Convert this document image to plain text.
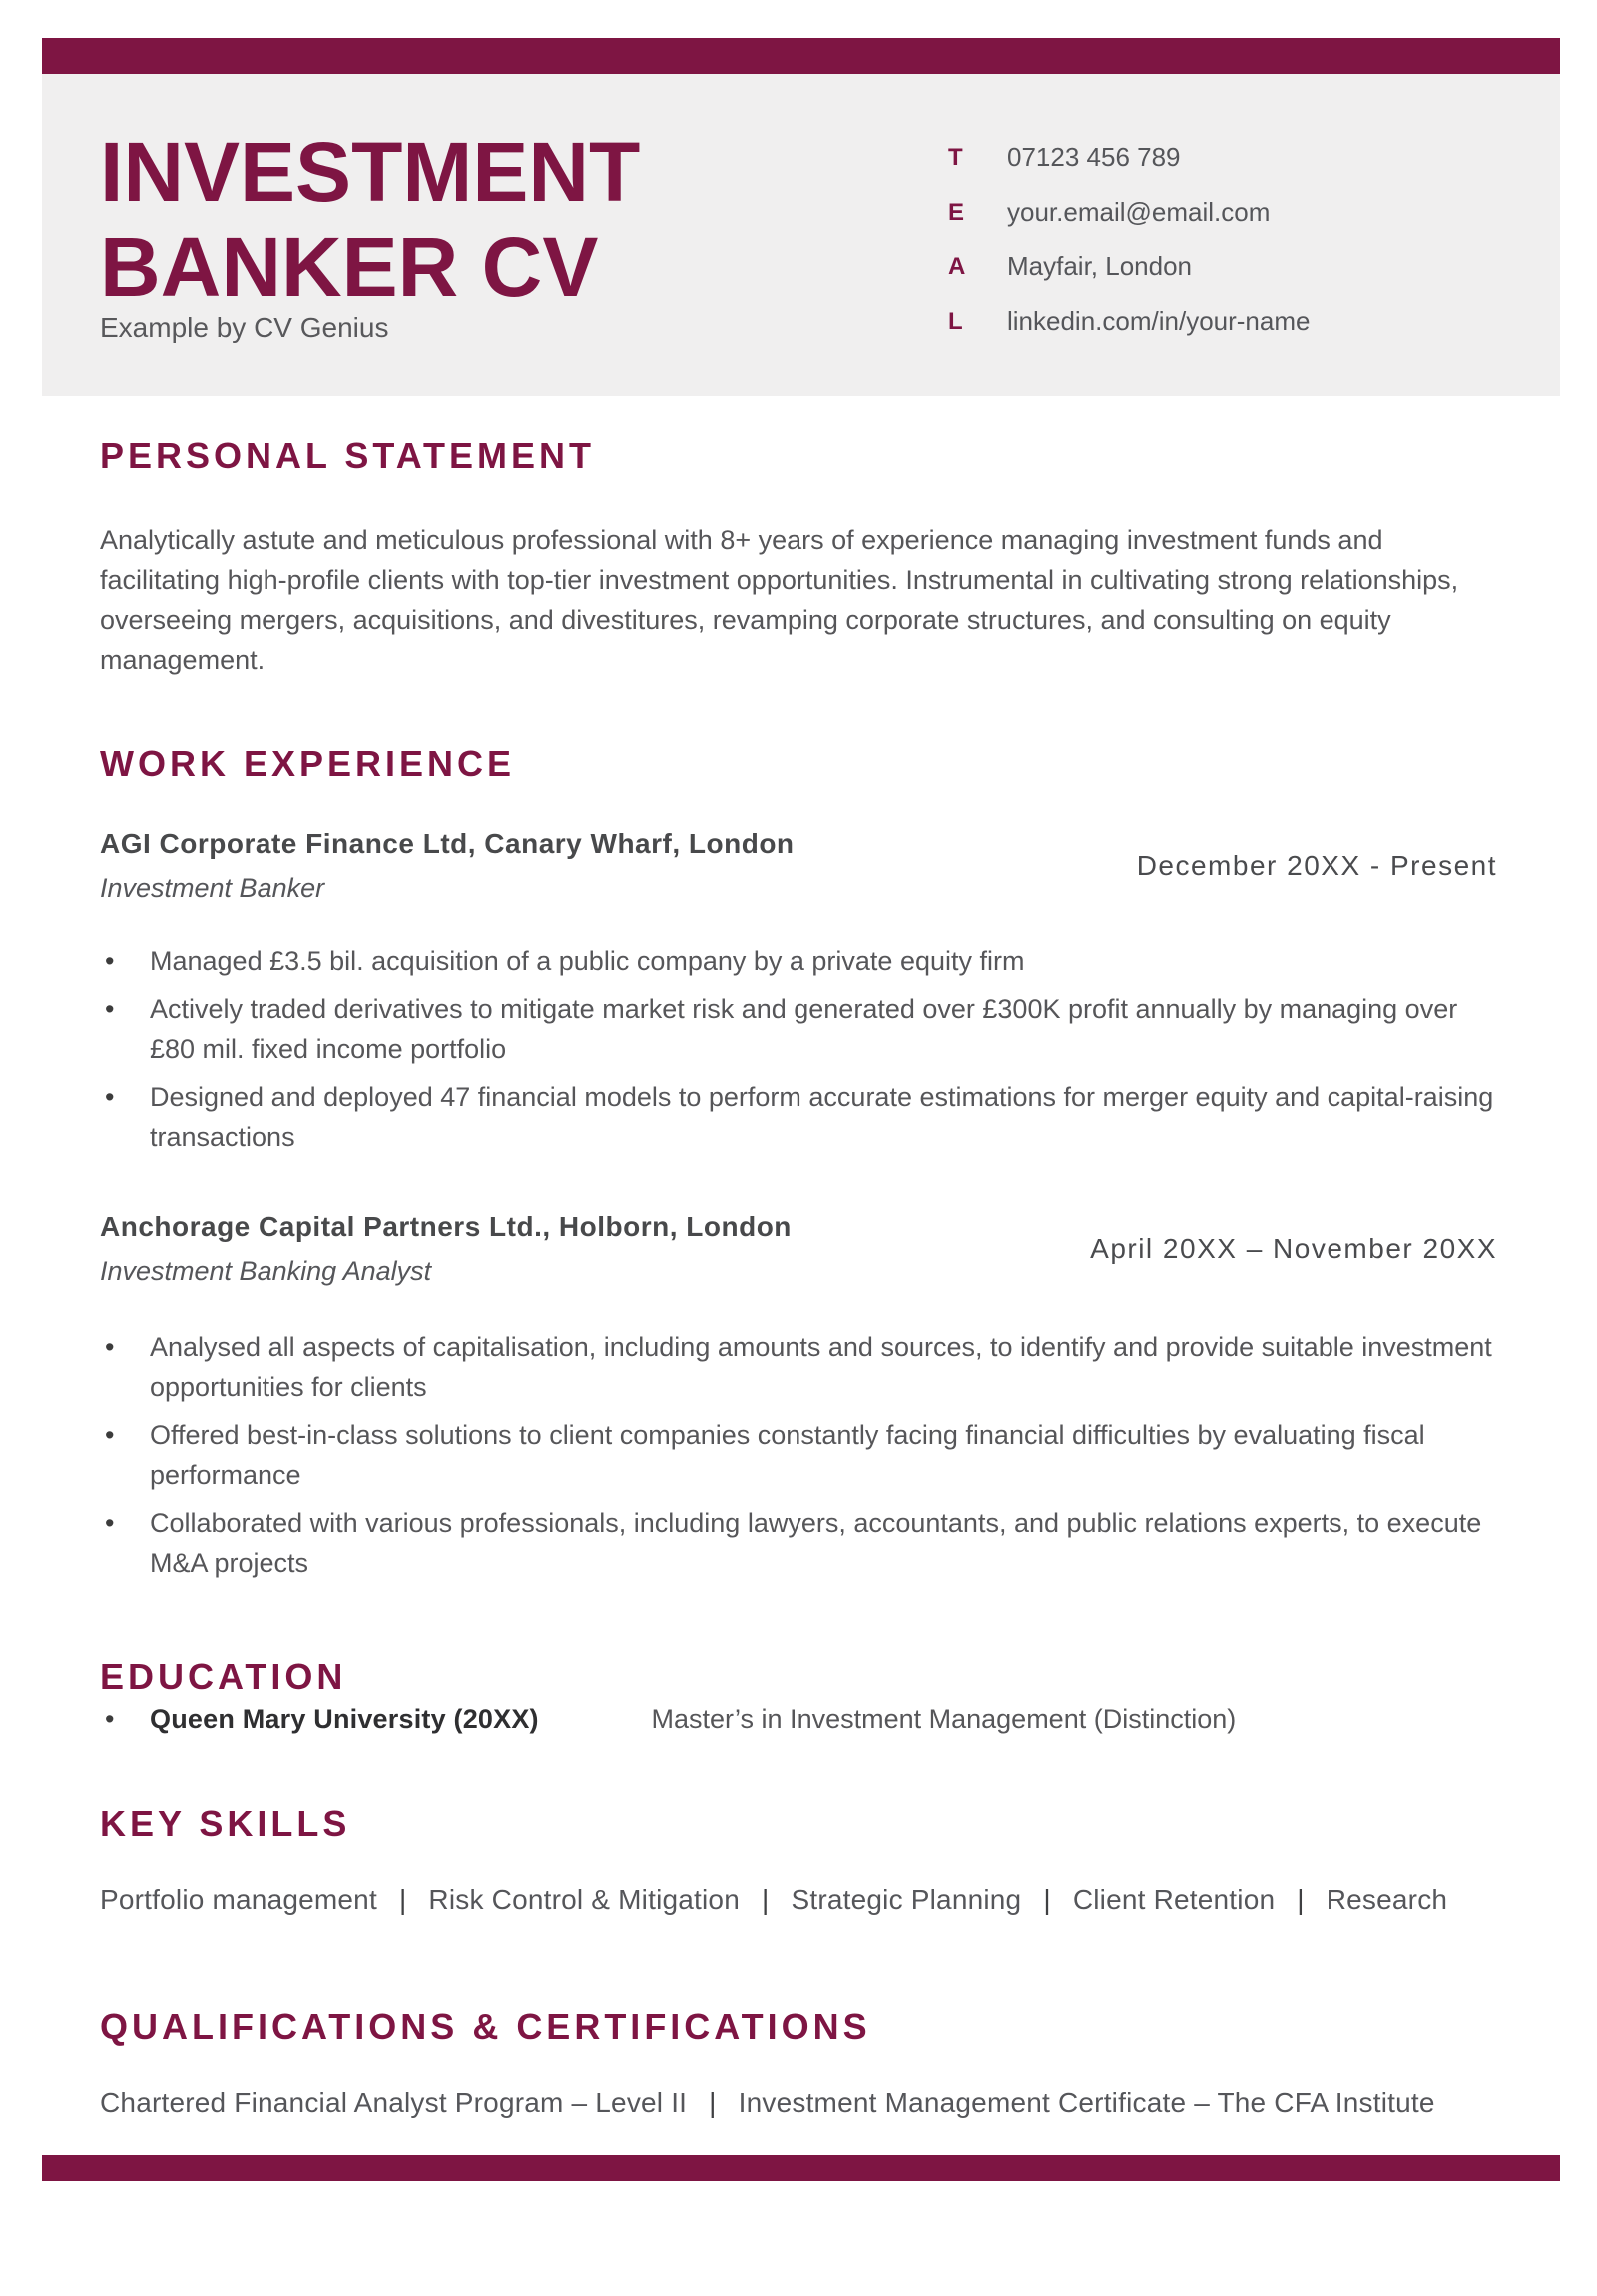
INVESTMENT BANKER CV

Example by CV Genius

T	07123 456 789
E	your.email@email.com
A	Mayfair, London
L	linkedin.com/in/your-name
PERSONAL STATEMENT

Analytically astute and meticulous professional with 8+ years of experience managing investment funds and facilitating high-profile clients with top-tier investment opportunities. Instrumental in cultivating strong relationships, overseeing mergers, acquisitions, and divestitures, revamping corporate structures, and consulting on equity management.

WORK EXPERIENCE

AGI Corporate Finance Ltd, Canary Wharf, London

Investment Banker

December 20XX - Present
• Managed £3.5 bil. acquisition of a public company by a private equity firm
• Actively traded derivatives to mitigate market risk and generated over £300K profit annually by managing over £80 mil. fixed income portfolio
• Designed and deployed 47 financial models to perform accurate estimations for merger equity and capital-raising transactions

Anchorage Capital Partners Ltd., Holborn, London

Investment Banking Analyst

April 20XX – November 20XX
• Analysed all aspects of capitalisation, including amounts and sources, to identify and provide suitable investment opportunities for clients
• Offered best-in-class solutions to client companies constantly facing financial difficulties by evaluating fiscal performance
• Collaborated with various professionals, including lawyers, accountants, and public relations experts, to execute M&A projects
EDUCATION
• Queen Mary University (20XX)	Master’s in Investment Management (Distinction)
KEY SKILLS

Portfolio management | Risk Control & Mitigation | Strategic Planning | Client Retention | Research

QUALIFICATIONS & CERTIFICATIONS

Chartered Financial Analyst Program – Level II | Investment Management Certificate – The CFA Institute
